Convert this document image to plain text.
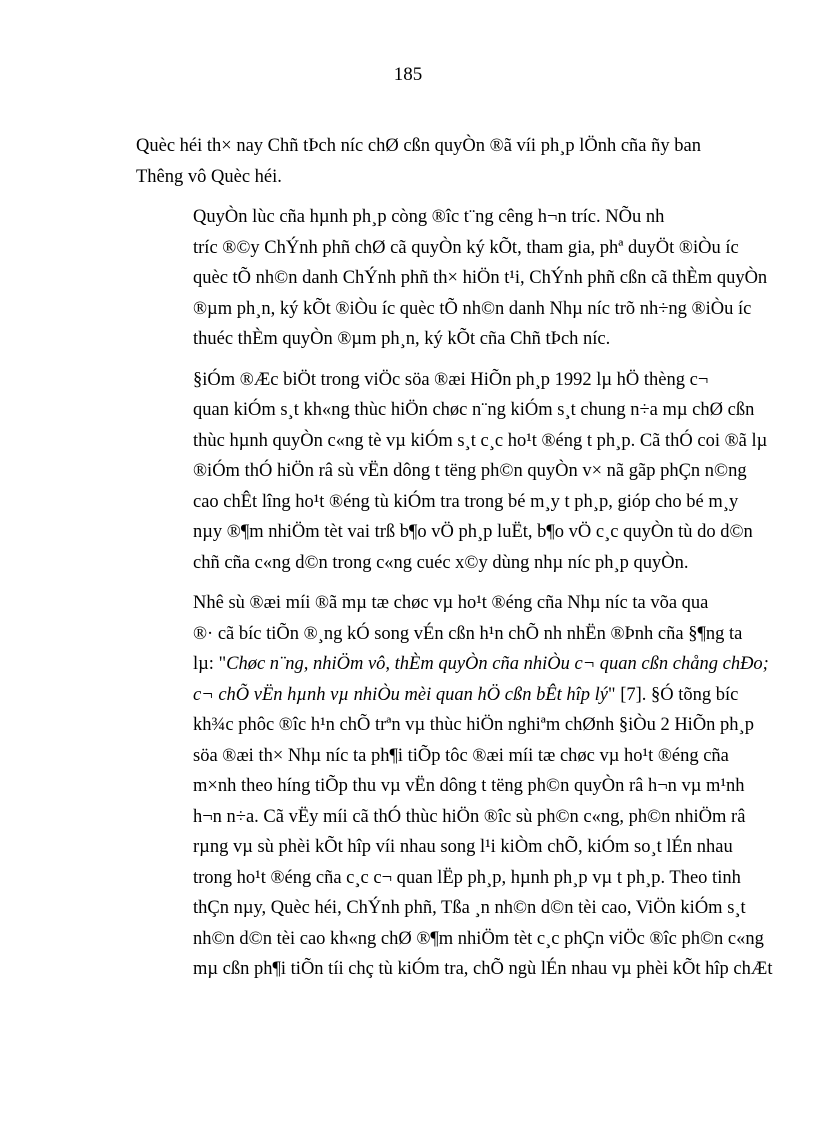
185

Quèc héi th× nay Chñ tÞch níc chØ cßn quyÒn ®ã víi ph¸p lÖnh cña ñy ban
Thêng vô Quèc héi.

QuyÒn lùc cña hµnh ph¸p còng ®îc t¨ng cêng h¬n tríc. NÕu nh
tríc ®©y ChÝnh phñ chØ cã quyÒn ký kÕt, tham gia, phª duyÖt ®iÒu íc
quèc tÕ nh©n danh ChÝnh phñ th× hiÖn t¹i, ChÝnh phñ cßn cã thÈm quyÒn
®µm ph¸n, ký kÕt ®iÒu íc quèc tÕ nh©n danh Nhµ níc trõ nh÷ng ®iÒu íc
thuéc thÈm quyÒn ®µm ph¸n, ký kÕt cña Chñ tÞch níc.

§iÓm ®Æc biÖt trong viÖc söa ®æi HiÕn ph¸p 1992 lµ hÖ thèng c¬
quan kiÓm s¸t kh«ng thùc hiÖn chøc n¨ng kiÓm s¸t chung n÷a mµ chØ cßn
thùc hµnh quyÒn c«ng tè vµ kiÓm s¸t c¸c ho¹t ®éng t ph¸p. Cã thÓ coi ®ã lµ
®iÓm thÓ hiÖn râ sù vËn dông t tëng ph©n quyÒn v× nã gãp phÇn n©ng
cao chÊt lîng ho¹t ®éng tù kiÓm tra trong bé m¸y t ph¸p, gióp cho bé m¸y
nµy ®¶m nhiÖm tèt vai trß b¶o vÖ ph¸p luËt, b¶o vÖ c¸c quyÒn tù do d©n
chñ cña c«ng d©n trong c«ng cuéc x©y dùng nhµ níc ph¸p quyÒn.

Nhê sù ®æi míi ®ã mµ tæ chøc vµ ho¹t ®éng cña Nhµ níc ta võa qua
®· cã bíc tiÕn ®¸ng kÓ song vÉn cßn h¹n chÕ nh nhËn ®Þnh cña §¶ng ta
lµ: "Chøc n¨ng, nhiÖm vô, thÈm quyÒn cña nhiÒu c¬ quan cßn chång chÐo;
c¬ chÕ vËn hµnh vµ nhiÒu mèi quan hÖ cßn bÊt hîp lý" [7]. §Ó tõng bíc
kh¾c phôc ®îc h¹n chÕ trªn vµ thùc hiÖn nghiªm chØnh §iÒu 2 HiÕn ph¸p
söa ®æi th× Nhµ níc ta ph¶i tiÕp tôc ®æi míi tæ chøc vµ ho¹t ®éng cña
m×nh theo híng tiÕp thu vµ vËn dông t tëng ph©n quyÒn râ h¬n vµ m¹nh
h¬n n÷a. Cã vËy míi cã thÓ thùc hiÖn ®îc sù ph©n c«ng, ph©n nhiÖm râ
rµng vµ sù phèi kÕt hîp víi nhau song l¹i kiÒm chÕ, kiÓm so¸t lÉn nhau
trong ho¹t ®éng cña c¸c c¬ quan lËp ph¸p, hµnh ph¸p vµ t ph¸p. Theo tinh
thÇn nµy, Quèc héi, ChÝnh phñ, Tßa ¸n nh©n d©n tèi cao, ViÖn kiÓm s¸t
nh©n d©n tèi cao kh«ng chØ ®¶m nhiÖm tèt c¸c phÇn viÖc ®îc ph©n c«ng
mµ cßn ph¶i tiÕn tíi chç tù kiÓm tra, chÕ ngù lÉn nhau vµ phèi kÕt hîp chÆt
